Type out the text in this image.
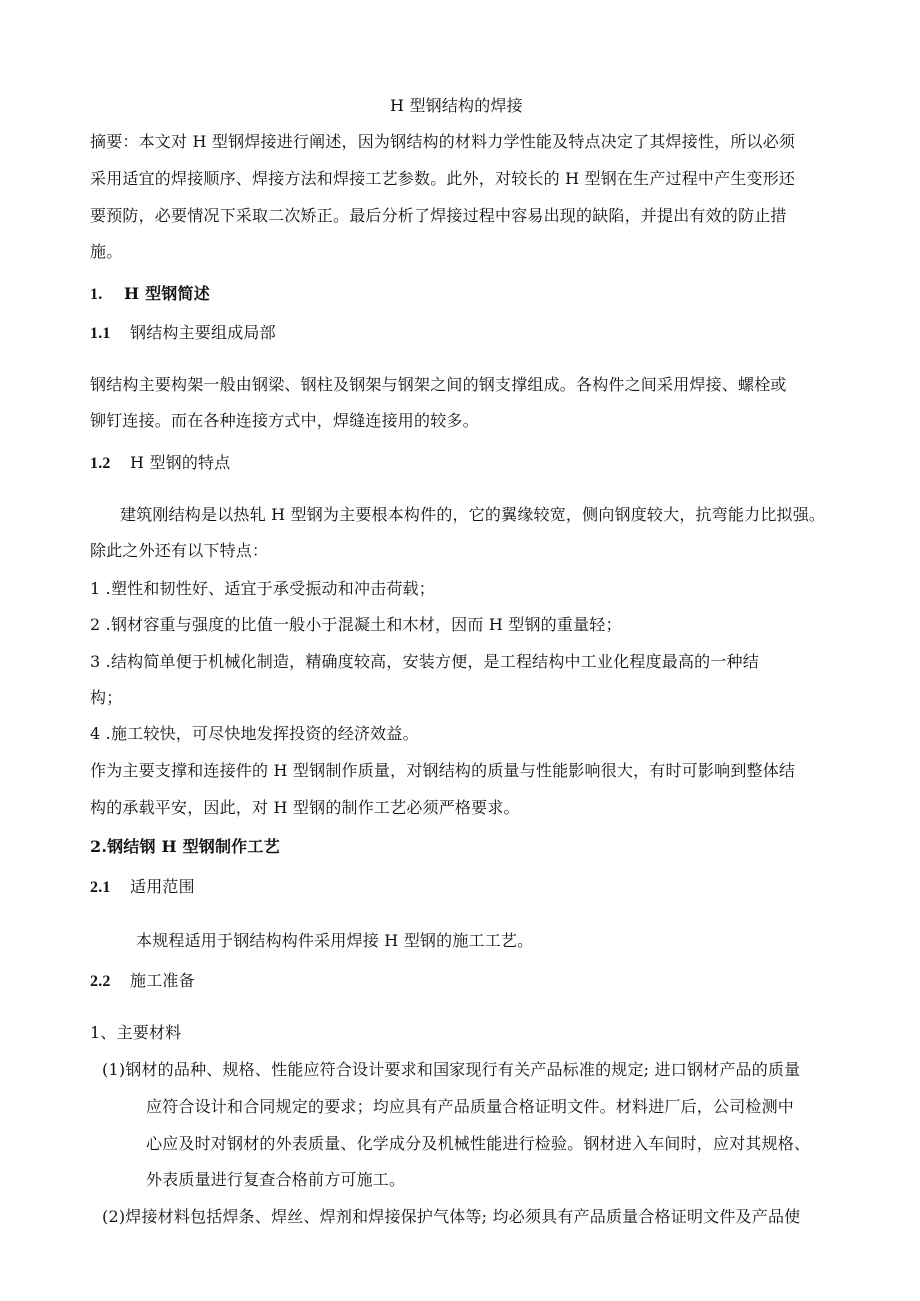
H 型钢结构的焊接
摘要：本文对 H 型钢焊接进行阐述，因为钢结构的材料力学性能及特点决定了其焊接性，所以必须
采用适宜的焊接顺序、焊接方法和焊接工艺参数。此外，对较长的 H 型钢在生产过程中产生变形还
要预防，必要情况下采取二次矫正。最后分析了焊接过程中容易出现的缺陷，并提出有效的防止措
施。
1. H 型钢简述
1.1 钢结构主要组成局部
钢结构主要构架一般由钢梁、钢柱及钢架与钢架之间的钢支撑组成。各构件之间采用焊接、螺栓或
铆钉连接。而在各种连接方式中，焊缝连接用的较多。
1.2 H 型钢的特点
建筑刚结构是以热轧 H 型钢为主要根本构件的，它的翼缘较宽，侧向钢度较大，抗弯能力比拟强。
除此之外还有以下特点：
1 .塑性和韧性好、适宜于承受振动和冲击荷载；
2 .钢材容重与强度的比值一般小于混凝土和木材，因而 H 型钢的重量轻；
3 .结构简单便于机械化制造，精确度较高，安装方便，是工程结构中工业化程度最高的一种结
构；
4 .施工较快，可尽快地发挥投资的经济效益。
作为主要支撑和连接件的 H 型钢制作质量，对钢结构的质量与性能影响很大，有时可影响到整体结
构的承载平安，因此，对 H 型钢的制作工艺必须严格要求。
2.钢结钢 H 型钢制作工艺
2.1 适用范围
本规程适用于钢结构构件采用焊接 H 型钢的施工工艺。
2.2 施工准备
1、主要材料
(1)钢材的品种、规格、性能应符合设计要求和国家现行有关产品标准的规定; 进口钢材产品的质量
应符合设计和合同规定的要求；均应具有产品质量合格证明文件。材料进厂后，公司检测中
心应及时对钢材的外表质量、化学成分及机械性能进行检验。钢材进入车间时，应对其规格、
外表质量进行复查合格前方可施工。
(2)焊接材料包括焊条、焊丝、焊剂和焊接保护气体等; 均必须具有产品质量合格证明文件及产品使
